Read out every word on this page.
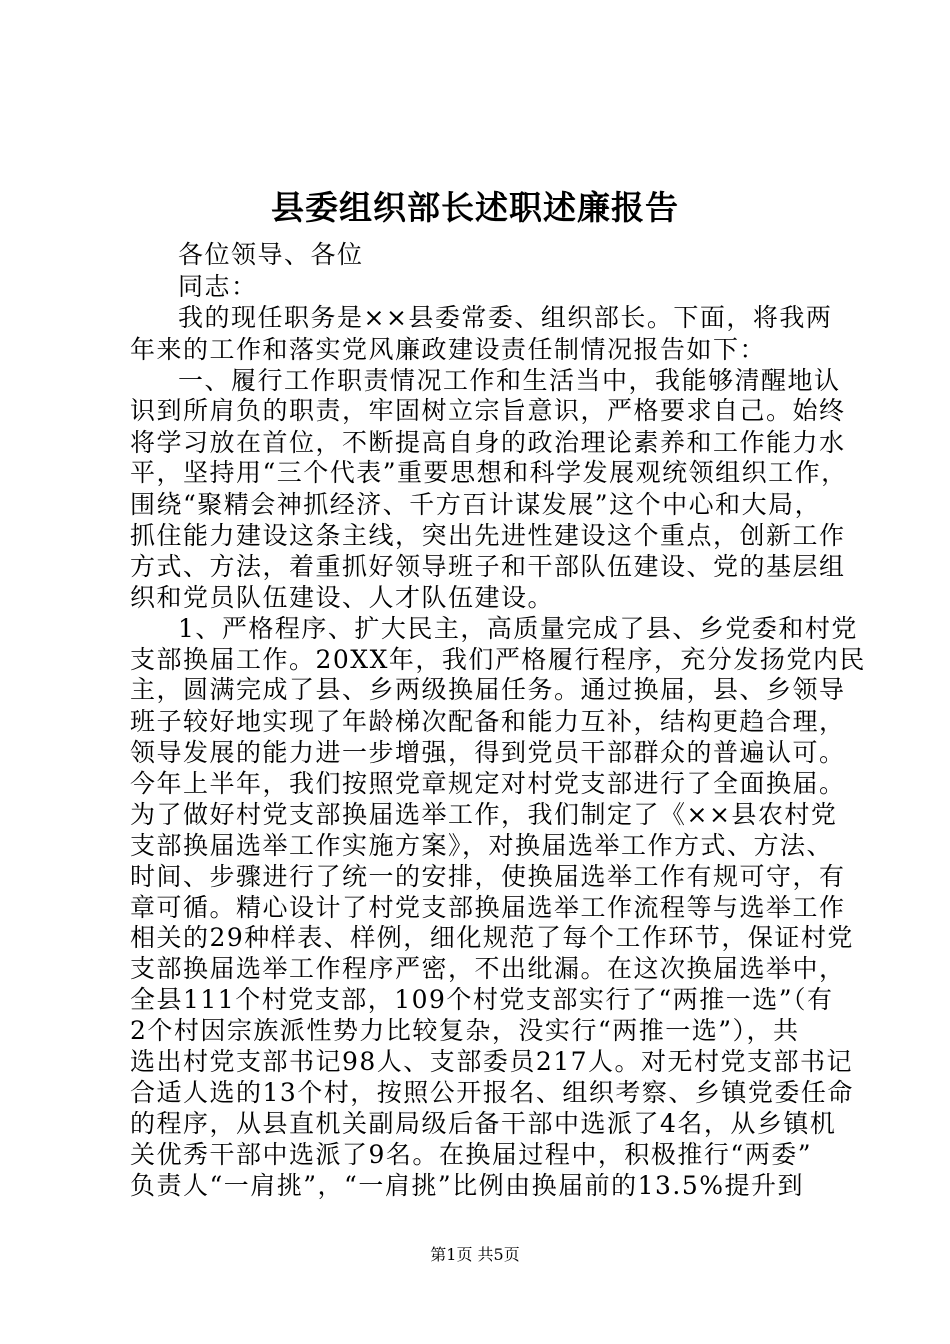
县委组织部长述职述廉报告
各位领导、各位
同志：
我的现任职务是××县委常委、组织部长。下面，将我两
年来的工作和落实党风廉政建设责任制情况报告如下：
一、履行工作职责情况工作和生活当中，我能够清醒地认
识到所肩负的职责，牢固树立宗旨意识，严格要求自己。始终
将学习放在首位，不断提高自身的政治理论素养和工作能力水
平，坚持用“三个代表”重要思想和科学发展观统领组织工作，
围绕“聚精会神抓经济、千方百计谋发展”这个中心和大局，
抓住能力建设这条主线，突出先进性建设这个重点，创新工作
方式、方法，着重抓好领导班子和干部队伍建设、党的基层组
织和党员队伍建设、人才队伍建设。
1、严格程序、扩大民主，高质量完成了县、乡党委和村党
支部换届工作。20XX年，我们严格履行程序，充分发扬党内民
主，圆满完成了县、乡两级换届任务。通过换届，县、乡领导
班子较好地实现了年龄梯次配备和能力互补，结构更趋合理，
领导发展的能力进一步增强，得到党员干部群众的普遍认可。
今年上半年，我们按照党章规定对村党支部进行了全面换届。
为了做好村党支部换届选举工作，我们制定了《××县农村党
支部换届选举工作实施方案》，对换届选举工作方式、方法、
时间、步骤进行了统一的安排，使换届选举工作有规可守，有
章可循。精心设计了村党支部换届选举工作流程等与选举工作
相关的29种样表、样例，细化规范了每个工作环节，保证村党
支部换届选举工作程序严密，不出纰漏。在这次换届选举中，
全县111个村党支部，109个村党支部实行了“两推一选”（有
2个村因宗族派性势力比较复杂，没实行“两推一选”），共
选出村党支部书记98人、支部委员217人。对无村党支部书记
合适人选的13个村，按照公开报名、组织考察、乡镇党委任命
的程序，从县直机关副局级后备干部中选派了4名，从乡镇机
关优秀干部中选派了9名。在换届过程中，积极推行“两委”
负责人“一肩挑”，“一肩挑”比例由换届前的13.5%提升到
第1页 共5页
